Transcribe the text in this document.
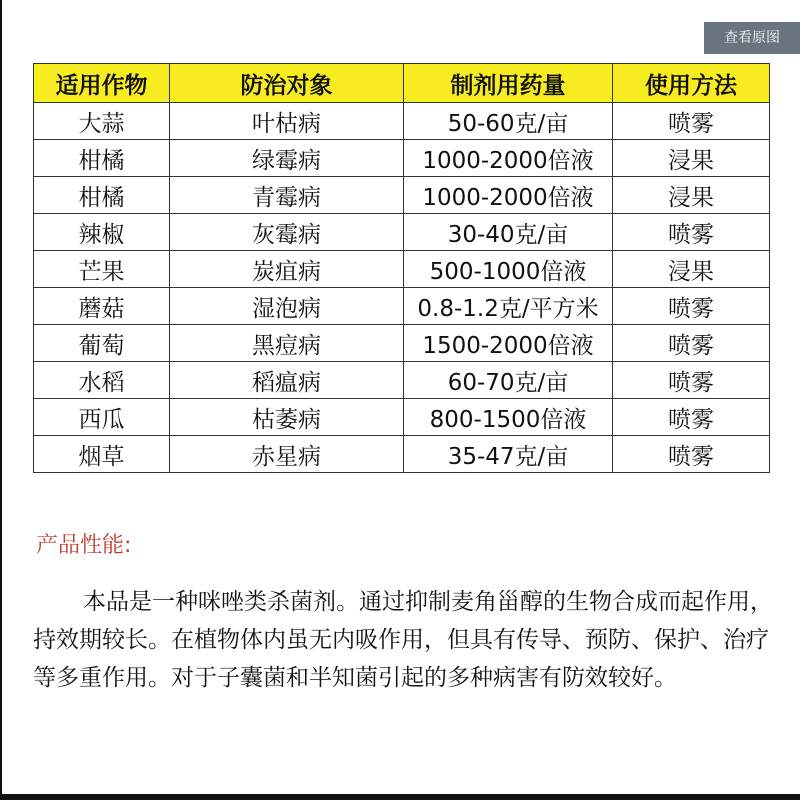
查看原图
适用作物	防治对象	制剂用药量	使用方法
大蒜	叶枯病	50-60克/亩	喷雾
柑橘	绿霉病	1000-2000倍液	浸果
柑橘	青霉病	1000-2000倍液	浸果
辣椒	灰霉病	30-40克/亩	喷雾
芒果	炭疽病	500-1000倍液	浸果
蘑菇	湿泡病	0.8-1.2克/平方米	喷雾
葡萄	黑痘病	1500-2000倍液	喷雾
水稻	稻瘟病	60-70克/亩	喷雾
西瓜	枯萎病	800-1500倍液	喷雾
烟草	赤星病	35-47克/亩	喷雾
产品性能:

本品是一种咪唑类杀菌剂。通过抑制麦角甾醇的生物合成而起作用，持效期较长。在植物体内虽无内吸作用，但具有传导、预防、保护、治疗等多重作用。对于子囊菌和半知菌引起的多种病害有防效较好。
